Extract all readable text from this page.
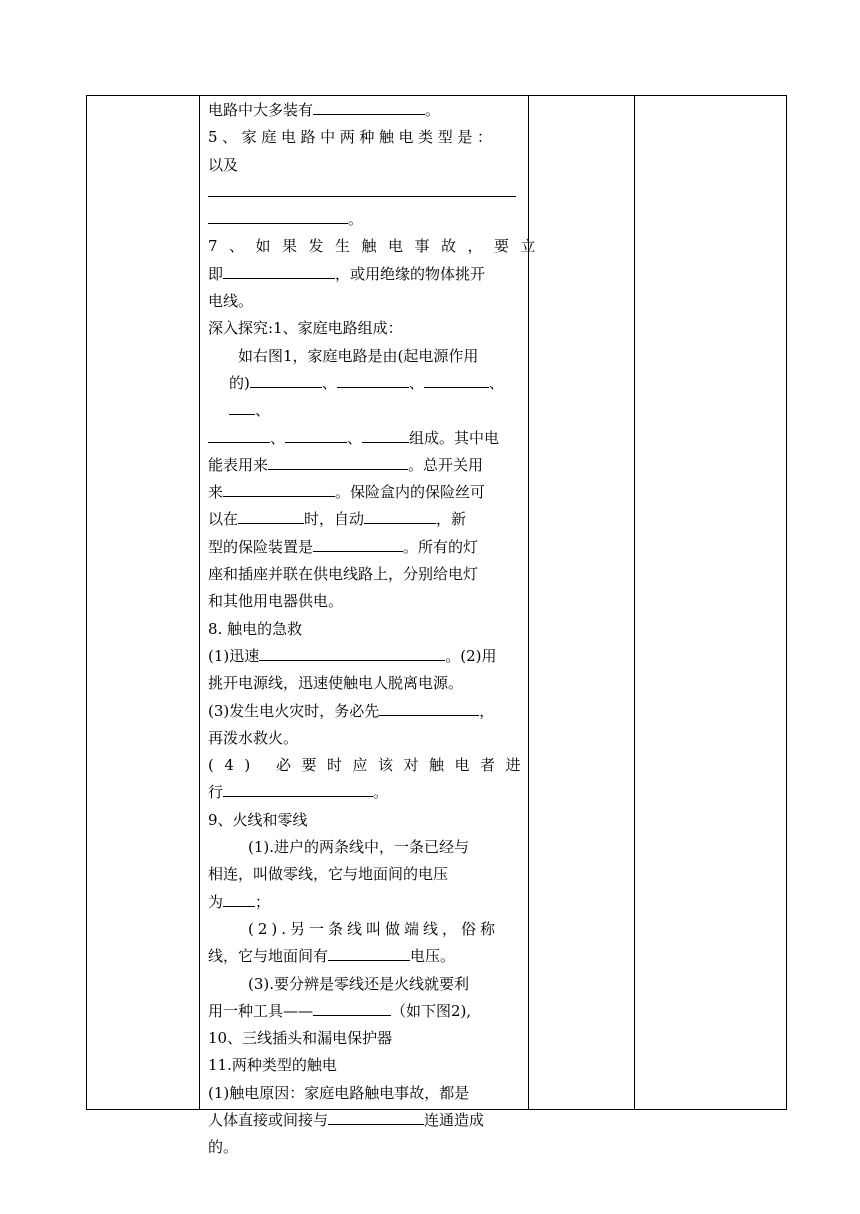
电路中大多装有	。
5、家庭电路中两种触电类型是：
以及
。
7、如果发生触电事故，要立
即	，或用绝缘的物体挑开
电线。
深入探究:1、家庭电路组成：
如右图1，家庭电路是由(起电源作用
的)	、	、	、
、
、	、	组成。其中电
能表用来	。总开关用
来	。保险盒内的保险丝可
以在	时，自动	，新
型的保险装置是	。所有的灯
座和插座并联在供电线路上，分别给电灯
和其他用电器供电。
8. 触电的急救
(1)迅速	。(2)用
挑开电源线，迅速使触电人脱离电源。
(3)发生电火灾时，务必先	，
再泼水救火。
(4) 必要时应该对触电者进
行	。
9、火线和零线
(1).进户的两条线中，一条已经与
相连，叫做零线，它与地面间的电压
为 ；
(2).另一条线叫做端线，俗称
线，它与地面间有	电压。
(3).要分辨是零线还是火线就要利
用一种工具——	（如下图2),
10、三线插头和漏电保护器
11.两种类型的触电
(1)触电原因：家庭电路触电事故，都是
人体直接或间接与	连通造成
的。
